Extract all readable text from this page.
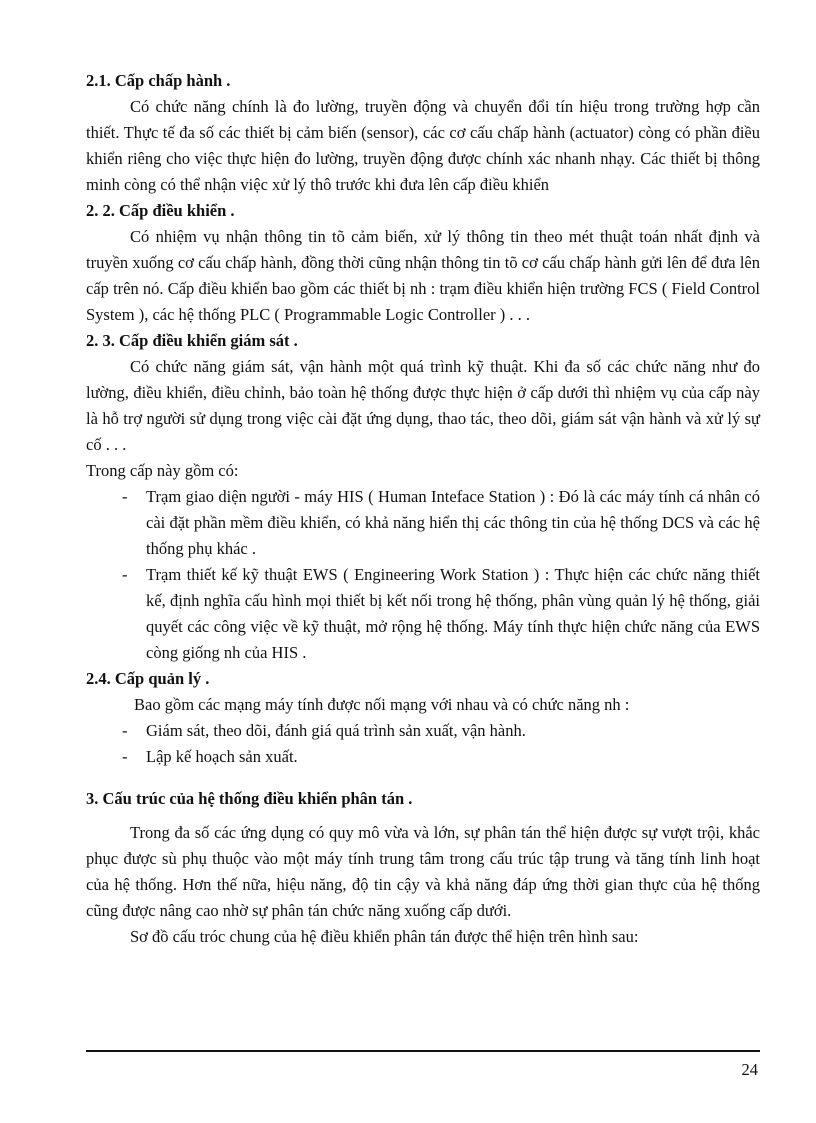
2.1. Cấp chấp hành .

Có chức năng chính là đo lường, truyền động và chuyển đổi tín hiệu trong trường hợp cần thiết. Thực tế đa số các thiết bị cảm biến (sensor), các cơ cấu chấp hành (actuator) còng có phần điều khiển riêng cho việc thực hiện đo lường, truyền động được chính xác nhanh nhạy. Các thiết bị thông minh còng có thể nhận việc xử lý thô trước khi đưa lên cấp điều khiển

2. 2. Cấp điều khiển .

Có nhiệm vụ nhận thông tin tõ cảm biến, xử lý thông tin theo mét thuật toán nhất định và truyền xuống cơ cấu chấp hành, đồng thời cũng nhận thông tin tõ cơ cấu chấp hành gửi lên để đưa lên cấp trên nó. Cấp điều khiển bao gồm các thiết bị nh : trạm điều khiển hiện trường FCS ( Field Control System ), các hệ thống PLC ( Programmable Logic Controller ) . . .

2. 3. Cấp điều khiển giám sát .

Có chức năng giám sát, vận hành một quá trình kỹ thuật. Khi đa số các chức năng như đo lường, điều khiển, điều chỉnh, bảo toàn hệ thống được thực hiện ở cấp dưới thì nhiệm vụ của cấp này là hỗ trợ người sử dụng trong việc cài đặt ứng dụng, thao tác, theo dõi, giám sát vận hành và xử lý sự cố . . .

Trong cấp này gồm có:

- Trạm giao diện người - máy HIS ( Human Inteface Station ) : Đó là các máy tính cá nhân có cài đặt phần mềm điều khiển, có khả năng hiển thị các thông tin của hệ thống DCS và các hệ thống phụ khác .
- Trạm thiết kế kỹ thuật EWS ( Engineering Work Station ) : Thực hiện các chức năng thiết kế, định nghĩa cấu hình mọi thiết bị kết nối trong hệ thống, phân vùng quản lý hệ thống, giải quyết các công việc về kỹ thuật, mở rộng hệ thống. Máy tính thực hiện chức năng của EWS còng giống nh của HIS .

2.4. Cấp quản lý .

Bao gồm các mạng máy tính được nối mạng với nhau và có chức năng nh :

- Giám sát, theo dõi, đánh giá quá trình sản xuất, vận hành.
- Lập kế hoạch sản xuất.

3. Cấu trúc của hệ thống điều khiển phân tán .

Trong đa số các ứng dụng có quy mô vừa và lớn, sự phân tán thể hiện được sự vượt trội, khắc phục được sù phụ thuộc vào một máy tính trung tâm trong cấu trúc tập trung và tăng tính linh hoạt của hệ thống. Hơn thế nữa, hiệu năng, độ tin cậy và khả năng đáp ứng thời gian thực của hệ thống cũng được nâng cao nhờ sự phân tán chức năng xuống cấp dưới.

Sơ đồ cấu tróc chung của hệ điều khiển phân tán được thể hiện trên hình sau:

24
